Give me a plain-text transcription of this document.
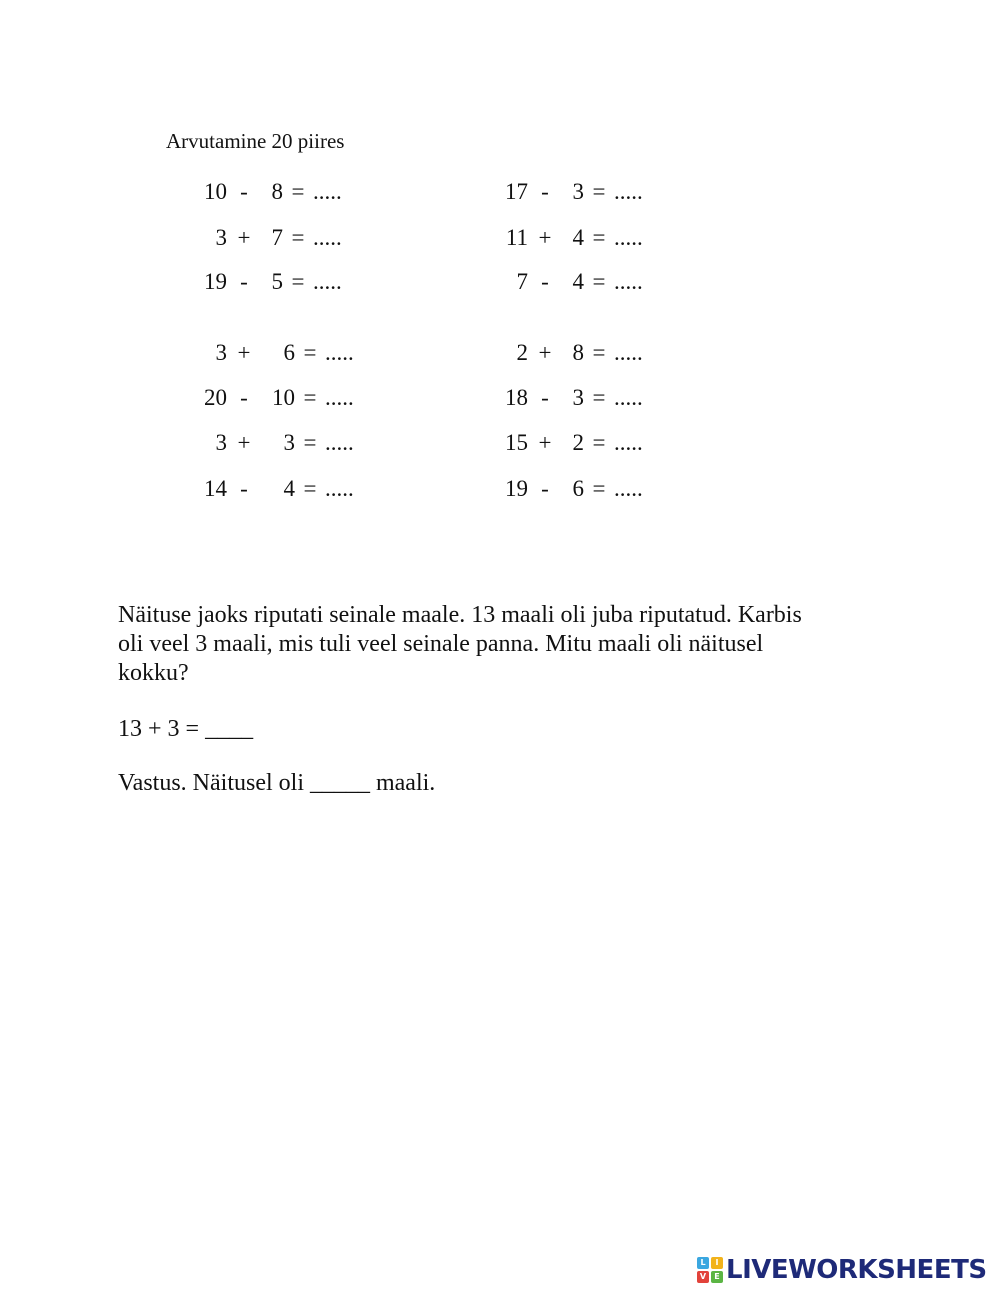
Arvutamine 20 piires
10 -	8 = .....
3 + 7 = .....
19 -	5 = .....
3 +	6 = .....
20 -	10 = .....
3 +	3 = .....
14 -	4 = .....
17 -	3 = .....
11 + 4 = .....
7 -	4 = .....
2 + 8 = .....
18 -	3 = .....
15 + 2 = .....
19 -	6 = .....
Näituse jaoks riputati seinale maale. 13 maali oli juba riputatud. Karbis
oli veel 3 maali, mis tuli veel seinale panna. Mitu maali oli näitusel
kokku?
13 + 3 = ____
Vastus. Näitusel oli _____ maali.
L	I
V	E LIVEWORKSHEETS
